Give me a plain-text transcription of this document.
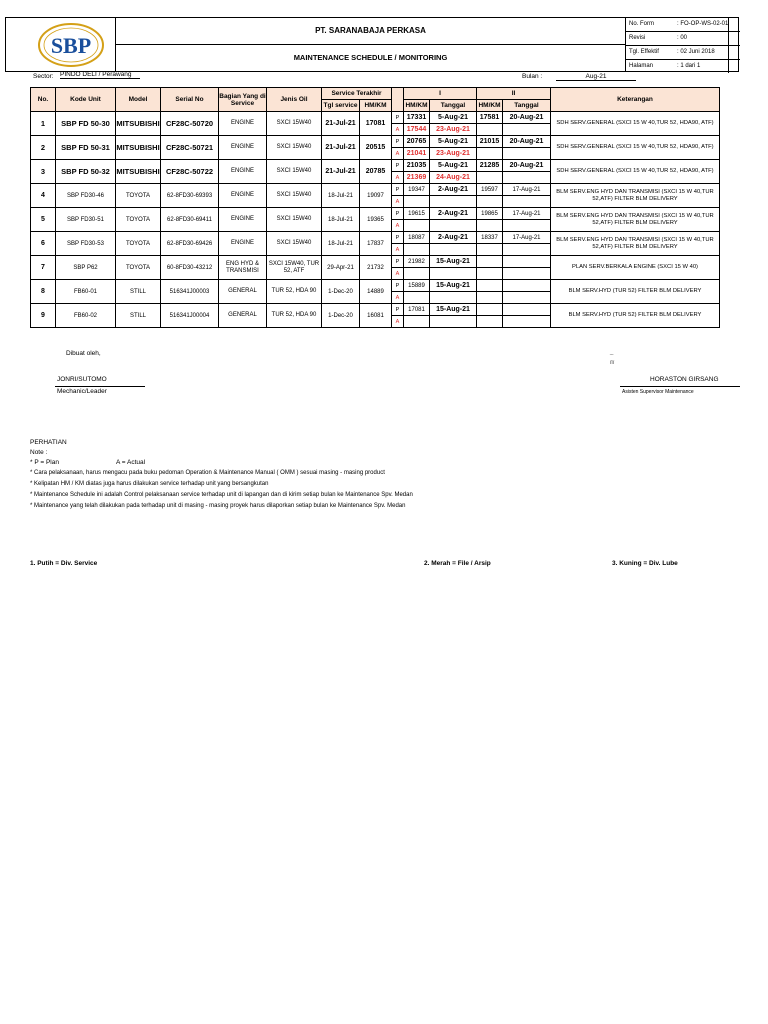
SBP
PT. SARANABAJA PERKASA
MAINTENANCE SCHEDULE / MONITORING
No. Form	: FO-OP-WS-02-01
Revisi	: 00
Tgl. Effektif	: 02 Juni 2018
Halaman	: 1 dari 1
Sector: PINDO DELI / Perawang	Bulan :	Aug-21
No.	Kode Unit	Model	Serial No	Bagian Yang di Service	Jenis Oil	Service Terakhir			I		II		Keterangan
						Tgl service	HM/KM		HM/KM	Tanggal	HM/KM	Tanggal	
1	SBP FD 50-30	MITSUBISHI	CF28C-50720	ENGINE	SXCI 15W40	21-Jul-21	17081	P	17331	5-Aug-21	17581	20-Aug-21	SDH SERV.GENERAL (SXCI 15 W 40,TUR 52, HDA90, ATF)
								A	17544	23-Aug-21			
2	SBP FD 50-31	MITSUBISHI	CF28C-50721	ENGINE	SXCI 15W40	21-Jul-21	20515	P	20765	5-Aug-21	21015	20-Aug-21	SDH SERV.GENERAL (SXCI 15 W 40,TUR 52, HDA90, ATF)
								A	21041	23-Aug-21			
3	SBP FD 50-32	MITSUBISHI	CF28C-50722	ENGINE	SXCI 15W40	21-Jul-21	20785	P	21035	5-Aug-21	21285	20-Aug-21	SDH SERV.GENERAL (SXCI 15 W 40,TUR 52, HDA90, ATF)
								A	21369	24-Aug-21			
4	SBP FD30-46	TOYOTA	62-8FD30-69393	ENGINE	SXCI 15W40	18-Jul-21	19097	P	19347	2-Aug-21	19597	17-Aug-21	BLM SERV.ENG HYD DAN TRANSMISI (SXCI 15 W 40,TUR 52,ATF) FILTER BLM DELIVERY
								A					
5	SBP FD30-51	TOYOTA	62-8FD30-69411	ENGINE	SXCI 15W40	18-Jul-21	19365	P	19615	2-Aug-21	19865	17-Aug-21	BLM SERV.ENG HYD DAN TRANSMISI (SXCI 15 W 40,TUR 52,ATF) FILTER BLM DELIVERY
								A					
6	SBP FD30-53	TOYOTA	62-8FD30-69426	ENGINE	SXCI 15W40	18-Jul-21	17837	P	18087	2-Aug-21	18337	17-Aug-21	BLM SERV.ENG HYD DAN TRANSMISI (SXCI 15 W 40,TUR 52,ATF) FILTER BLM DELIVERY
								A					
7	SBP P62	TOYOTA	60-8FD30-43212	ENG HYD & TRANSMISI	SXCI 15W40, TUR 52, ATF	29-Apr-21	21732	P	21982	15-Aug-21			PLAN SERV.BERKALA ENGINE (SXCI 15 W 40)
								A					
8	FB60-01	STILL	516341J00003	GENERAL	TUR 52, HDA 90	1-Dec-20	14889	P	15889	15-Aug-21			BLM SERV.HYD (TUR 52) FILTER BLM DELIVERY
								A					
9	FB60-02	STILL	516341J00004	GENERAL	TUR 52, HDA 90	1-Dec-20	16081	P	17081	15-Aug-21			BLM SERV.HYD (TUR 52) FILTER BLM DELIVERY
								A					
Dibuat oleh,
‾‾
ïïï
JONRI/SUTOMO
Mechanic/Leader
HORASTON GIRSANG
Asisten Supervisor Maintenance
PERHATIAN
Note :
* P = Plan	A = Actual
* Cara pelaksanaan, harus mengacu pada buku pedoman Operation & Maintenance Manual ( OMM ) sesuai masing - masing product
* Kelipatan HM / KM diatas juga harus dilakukan service terhadap unit yang bersangkutan
* Maintenance Schedule ini adalah Control pelaksanaan service terhadap unit di lapangan dan di kirim setiap bulan ke Maintenance Spv. Medan
* Maintenance yang telah dilakukan pada terhadap unit di masing - masing proyek harus dilaporkan setiap bulan ke Maintenance Spv. Medan
1. Putih = Div. Service	2. Merah = File / Arsip	3. Kuning = Div. Lube
